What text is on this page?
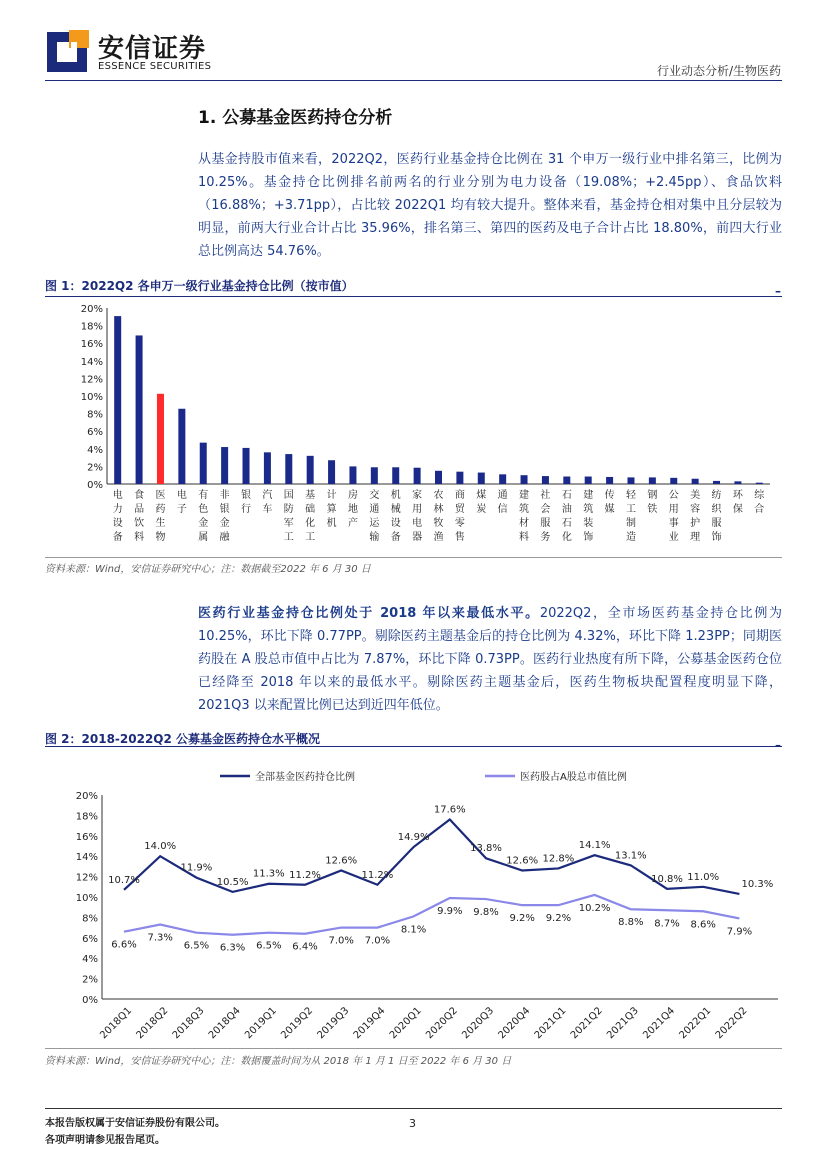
安信证券
ESSENCE SECURITIES	行业动态分析/生物医药
1. 公募基金医药持仓分析
从基金持股市值来看，2022Q2，医药行业基金持仓比例在 31 个申万一级行业中排名第三，比例为 10.25%。基金持仓比例排名前两名的行业分别为电力设备（19.08%；+2.45pp）、食品饮料（16.88%；+3.71pp），占比较 2022Q1 均有较大提升。整体来看，基金持仓相对集中且分层较为明显，前两大行业合计占比 35.96%，排名第三、第四的医药及电子合计占比 18.80%，前四大行业总比例高达 54.76%。
图 1：2022Q2 各申万一级行业基金持仓比例（按市值）	–
0%
2%
4%
6%
8%
10%
12%
14%
16%
18%
20%
电力设备
食品饮料
医药生物
电子
有色金属
非银金融
银行
汽车
国防军工
基础化工
计算机
房地产
交通运输
机械设备
家用电器
农林牧渔
商贸零售
煤炭
通信
建筑材料
社会服务
石油石化
建筑装饰
传媒
轻工制造
钢铁
公用事业
美容护理
纺织服饰
环保
综合
资料来源：Wind，安信证券研究中心；注：数据截至2022 年 6 月 30 日
医药行业基金持仓比例处于 2018 年以来最低水平。2022Q2，全市场医药基金持仓比例为 10.25%，环比下降 0.77PP。剔除医药主题基金后的持仓比例为 4.32%，环比下降 1.23PP；同期医药股在 A 股总市值中占比为 7.87%，环比下降 0.73PP。医药行业热度有所下降，公募基金医药仓位已经降至 2018 年以来的最低水平。剔除医药主题基金后，医药生物板块配置程度明显下降，2021Q3 以来配置比例已达到近四年低位。
图 2：2018-2022Q2 公募基金医药持仓水平概况	–
0%
2%
4%
6%
8%
10%
12%
14%
16%
18%
20%
2018Q1 2018Q2 2018Q3 2018Q4 2019Q1 2019Q2 2019Q3 2019Q4 2020Q1 2020Q2 2020Q3 2020Q4 2021Q1 2021Q2 2021Q3 2021Q4 2022Q1 2022Q2
全部基金医药持仓比例	医药股占A股总市值比例
10.7%
14.0%
11.9%
10.5%
11.3% 11.2%
12.6%
11.2%
14.9%
17.6%
13.8%
12.6% 12.8%
14.1%
13.1%
10.8% 11.0%
10.3%
6.6%
7.3%
6.5% 6.3% 6.5% 6.4%
7.0% 7.0%
8.1%
9.9% 9.8%
9.2% 9.2%
10.2%
8.8% 8.7% 8.6%
7.9%
资料来源：Wind，安信证券研究中心；注：数据覆盖时间为从 2018 年 1 月 1 日至 2022 年 6 月 30 日
本报告版权属于安信证券股份有限公司。
各项声明请参见报告尾页。
3
